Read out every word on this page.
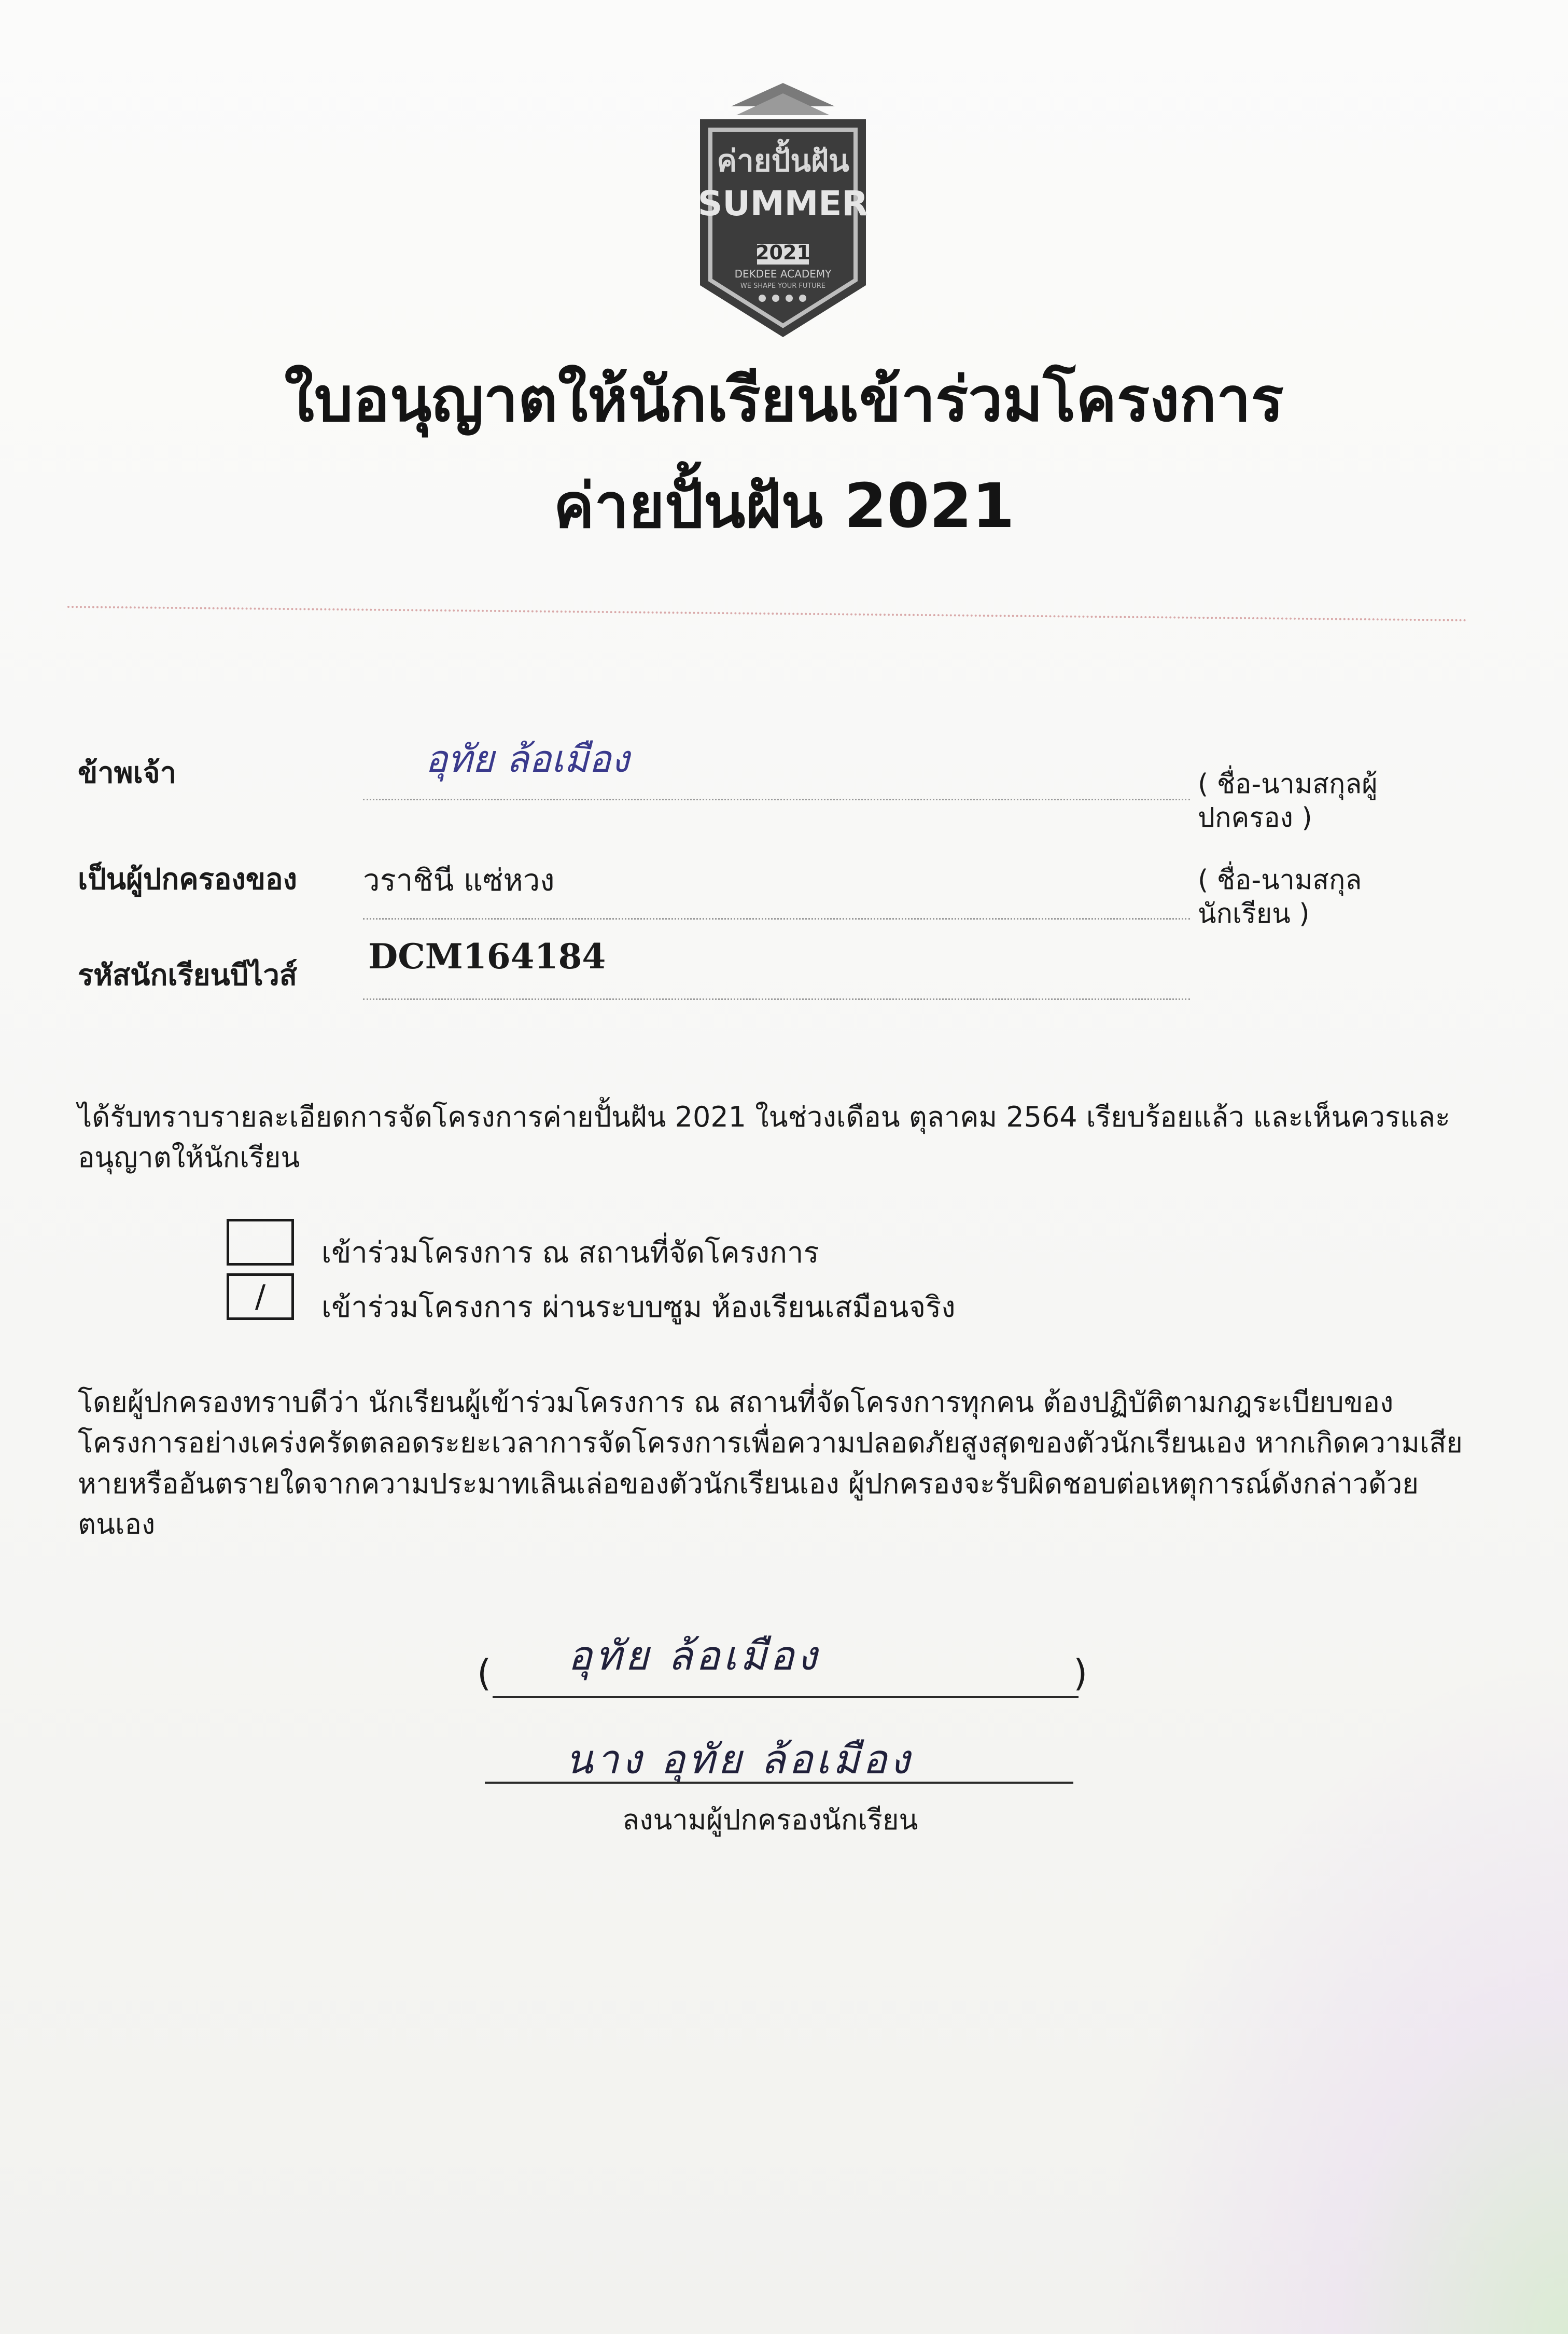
ค่ายปั้นฝัน
SUMMER
2021
DEKDEE ACADEMY
WE SHAPE YOUR FUTURE
ใบอนุญาตให้นักเรียนเข้าร่วมโครงการ
ค่ายปั้นฝัน 2021
ข้าพเจ้า	อุทัย ล้อเมือง
( ชื่อ-นามสกุลผู้ปกครอง )
เป็นผู้ปกครองของ วราชินี แซ่หวง	( ชื่อ-นามสกุลนักเรียน )
รหัสนักเรียนบีไวส์ DCM164184
ได้รับทราบรายละเอียดการจัดโครงการค่ายปั้นฝัน 2021 ในช่วงเดือน ตุลาคม 2564 เรียบร้อยแล้ว และเห็นควรและอนุญาตให้นักเรียน
เข้าร่วมโครงการ ณ สถานที่จัดโครงการ
/ เข้าร่วมโครงการ ผ่านระบบซูม ห้องเรียนเสมือนจริง
โดยผู้ปกครองทราบดีว่า นักเรียนผู้เข้าร่วมโครงการ ณ สถานที่จัดโครงการทุกคน ต้องปฏิบัติตามกฎระเบียบของโครงการอย่างเคร่งครัดตลอดระยะเวลาการจัดโครงการเพื่อความปลอดภัยสูงสุดของตัวนักเรียนเอง หากเกิดความเสียหายหรืออันตรายใดจากความประมาทเลินเล่อของตัวนักเรียนเอง ผู้ปกครองจะรับผิดชอบต่อเหตุการณ์ดังกล่าวด้วยตนเอง
อุทัย ล้อเมือง
(	)
นาง อุทัย ล้อเมือง
ลงนามผู้ปกครองนักเรียน
